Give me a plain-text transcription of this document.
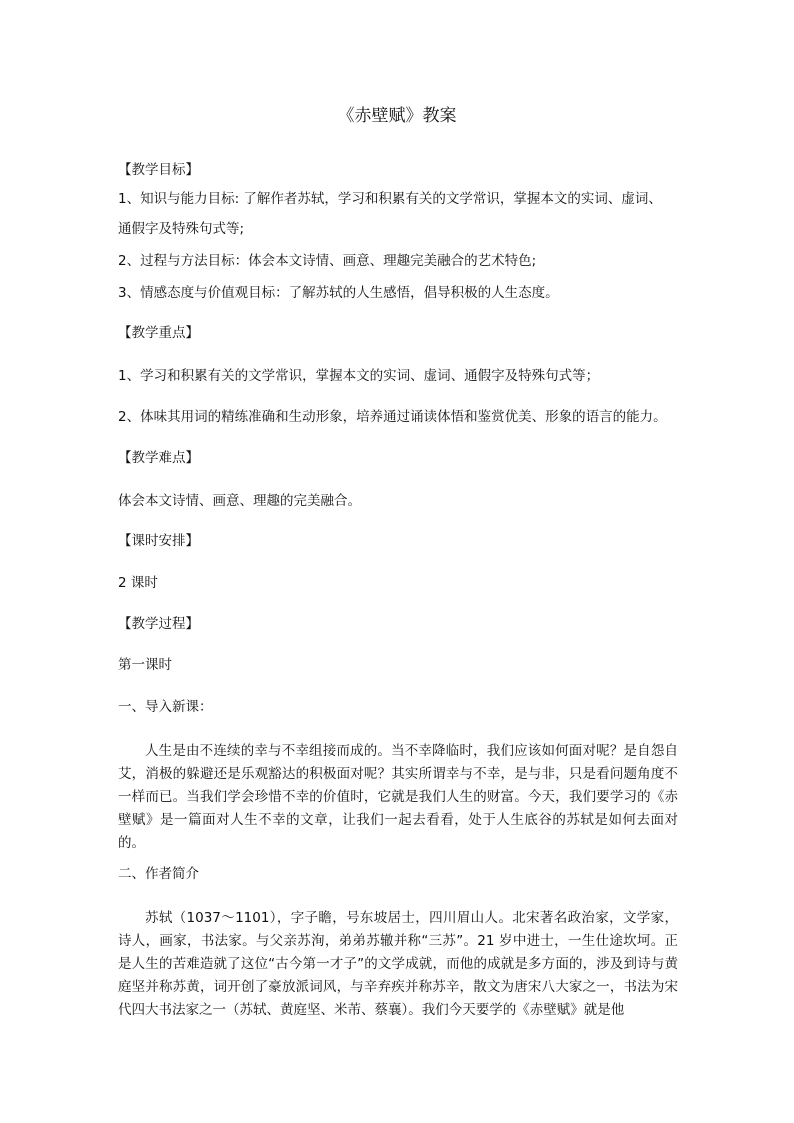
《赤壁赋》教案
【教学目标】
1、知识与能力目标: 了解作者苏轼，学习和积累有关的文学常识，掌握本文的实词、虚词、
通假字及特殊句式等;
2、过程与方法目标：体会本文诗情、画意、理趣完美融合的艺术特色;
3、情感态度与价值观目标：了解苏轼的人生感悟，倡导积极的人生态度。
【教学重点】
1、学习和积累有关的文学常识，掌握本文的实词、虚词、通假字及特殊句式等；
2、体味其用词的精练准确和生动形象，培养通过诵读体悟和鉴赏优美、形象的语言的能力。
【教学难点】
体会本文诗情、画意、理趣的完美融合。
【课时安排】
2 课时
【教学过程】
第一课时
一、导入新课：
人生是由不连续的幸与不幸组接而成的。当不幸降临时，我们应该如何面对呢？是自怨自艾，消极的躲避还是乐观豁达的积极面对呢？其实所谓幸与不幸，是与非，只是看问题角度不一样而已。当我们学会珍惜不幸的价值时，它就是我们人生的财富。今天，我们要学习的《赤壁赋》是一篇面对人生不幸的文章，让我们一起去看看，处于人生底谷的苏轼是如何去面对的。
二、作者简介
苏轼（1037～1101），字子瞻，号东坡居士，四川眉山人。北宋著名政治家，文学家，诗人，画家，书法家。与父亲苏洵，弟弟苏辙并称“三苏”。21 岁中进士，一生仕途坎坷。正是人生的苦难造就了这位“古今第一才子”的文学成就，而他的成就是多方面的，涉及到诗与黄庭坚并称苏黄，词开创了豪放派词风，与辛弃疾并称苏辛，散文为唐宋八大家之一，书法为宋代四大书法家之一（苏轼、黄庭坚、米芾、蔡襄）。我们今天要学的《赤壁赋》就是他
